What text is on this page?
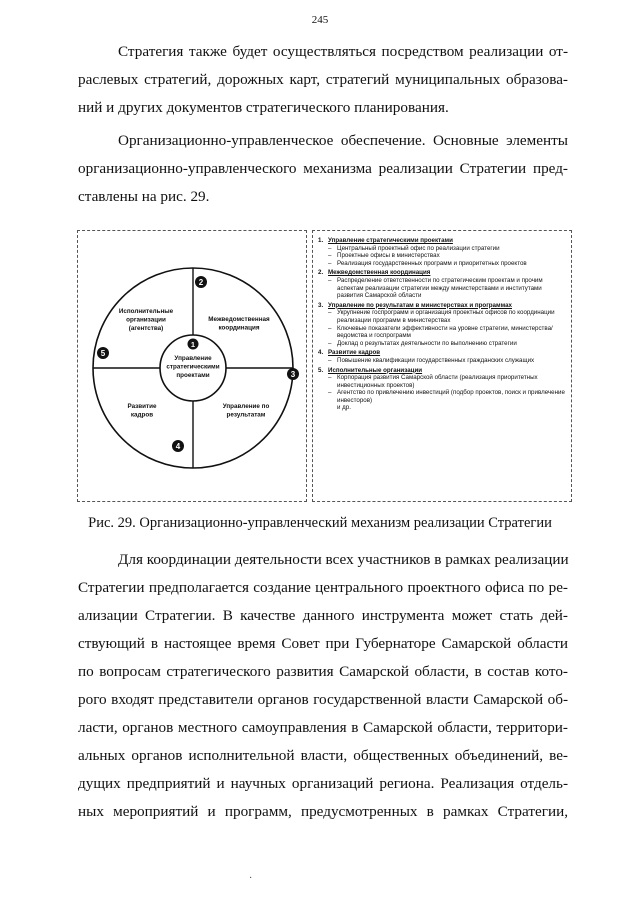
245

Стратегия также будет осуществляться посредством реализации от-
раслевых стратегий, дорожных карт, стратегий муниципальных образова-
ний и других документов стратегического планирования.

Организационно-управленческое обеспечение. Основные элементы
организационно-управленческого механизма реализации Стратегии пред-
ставлены на рис. 29.

1
Управление
стратегическими
проектами
2
Межведомственная
координация
3
Управление по
результатам
4
Развитие
кадров
5
Исполнительные
организации
(агентства)
1. Управление стратегическими проектами
– Центральный проектный офис по реализации стратегии
– Проектные офисы в министерствах
– Реализация государственных программ и приоритетных проектов
2. Межведомственная координация
– Распределение ответственности по стратегическим проектам и прочим аспектам реализации стратегии между министерствами и институтами развития Самарской области
3. Управление по результатам в министерствах и программах
– Укрупнение госпрограмм и организация проектных офисов по координации реализации программ в министерствах
– Ключевые показатели эффективности на уровне стратегии, министерства/ведомства и госпрограмм
– Доклад о результатах деятельности по выполнению стратегии
4. Развитие кадров
– Повышение квалификации государственных гражданских служащих
5. Исполнительные организации
– Корпорация развития Самарской области (реализация приоритетных инвестиционных проектов)
– Агентство по привлечению инвестиций (подбор проектов, поиск и привлечение инвесторов)
и др.
Рис. 29. Организационно-управленческий механизм реализации Стратегии

Для координации деятельности всех участников в рамках реализации
Стратегии предполагается создание центрального проектного офиса по ре-
ализации Стратегии. В качестве данного инструмента может стать дей-
ствующий в настоящее время Совет при Губернаторе Самарской области
по вопросам стратегического развития Самарской области, в состав кото-
рого входят представители органов государственной власти Самарской об-
ласти, органов местного самоуправления в Самарской области, территори-
альных органов исполнительной власти, общественных объединений, ве-
дущих предприятий и научных организаций региона. Реализация отдель-
ных мероприятий и программ, предусмотренных в рамках Стратегии,

·
